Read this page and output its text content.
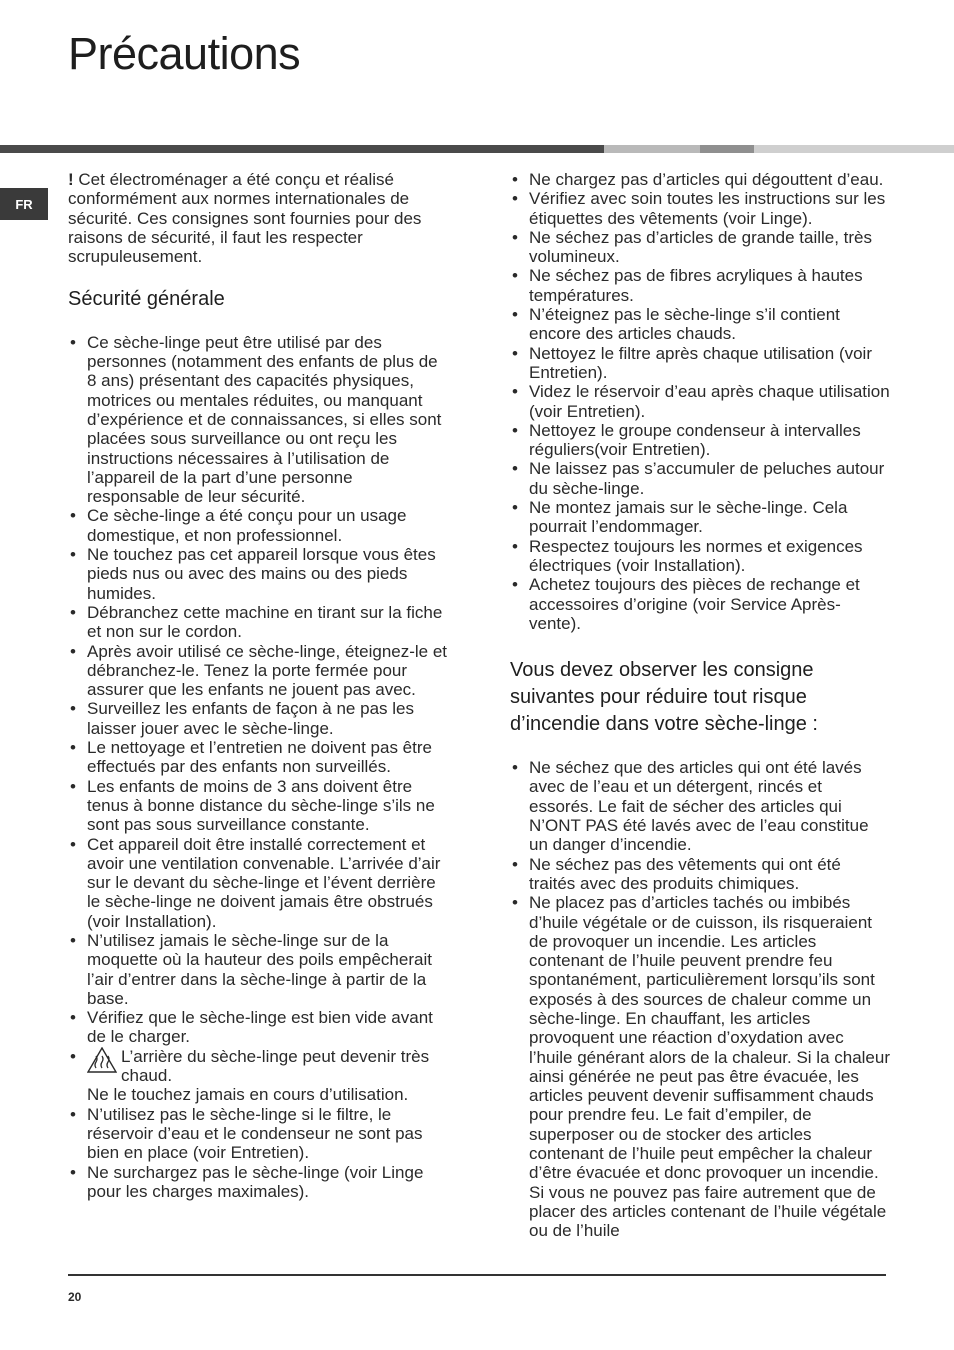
Précautions
FR

! Cet électroménager a été conçu et réalisé conformément aux normes internationales de sécurité. Ces consignes sont fournies pour des raisons de sécurité, il faut les respecter scrupuleusement.

Sécurité générale
• Ce sèche-linge peut être utilisé par des personnes (notamment des enfants de plus de 8 ans) présentant des capacités physiques, motrices ou mentales réduites, ou manquant d’expérience et de connaissances, si elles sont placées sous surveillance ou ont reçu les instructions nécessaires à l’utilisation de l’appareil de la part d’une personne responsable de leur sécurité.
• Ce sèche-linge a été conçu pour un usage domestique, et non professionnel.
• Ne touchez pas cet appareil lorsque vous êtes pieds nus ou avec des mains ou des pieds humides.
• Débranchez cette machine en tirant sur la fiche et non sur le cordon.
• Après avoir utilisé ce sèche-linge, éteignez-le et débranchez-le. Tenez la porte fermée pour assurer que les enfants ne jouent pas avec.
• Surveillez les enfants de façon à ne pas les laisser jouer avec le sèche-linge.
• Le nettoyage et l’entretien ne doivent pas être effectués par des enfants non surveillés.
• Les enfants de moins de 3 ans doivent être tenus à bonne distance du sèche-linge s’ils ne sont pas sous surveillance constante.
• Cet appareil doit être installé correctement et avoir une ventilation convenable. L’arrivée d’air sur le devant du sèche-linge et l’évent derrière le sèche-linge ne doivent jamais être obstrués (voir Installation).
• N’utilisez jamais le sèche-linge sur de la moquette où la hauteur des poils empêcherait l’air d’entrer dans la sèche-linge à partir de la base.
• Vérifiez que le sèche-linge est bien vide avant de le charger.
• L’arrière du sèche-linge peut devenir très chaud.
Ne le touchez jamais en cours d’utilisation.
• N’utilisez pas le sèche-linge si le filtre, le réservoir d’eau et le condenseur ne sont pas bien en place (voir Entretien).
• Ne surchargez pas le sèche-linge (voir Linge pour les charges maximales).
• Ne chargez pas d’articles qui dégouttent d’eau.
• Vérifiez avec soin toutes les instructions sur les étiquettes des vêtements (voir Linge).
• Ne séchez pas d’articles de grande taille, très volumineux.
• Ne séchez pas de fibres acryliques à hautes températures.
• N’éteignez pas le sèche-linge s’il contient encore des articles chauds.
• Nettoyez le filtre après chaque utilisation (voir Entretien).
• Videz le réservoir d’eau après chaque utilisation (voir Entretien).
• Nettoyez le groupe condenseur à intervalles réguliers(voir Entretien).
• Ne laissez pas s’accumuler de peluches autour du sèche-linge.
• Ne montez jamais sur le sèche-linge. Cela pourrait l’endommager.
• Respectez toujours les normes et exigences électriques (voir Installation).
• Achetez toujours des pièces de rechange et accessoires d’origine (voir Service Après-vente).
Vous devez observer les consigne suivantes pour réduire tout risque d’incendie dans votre sèche-linge :
• Ne séchez que des articles qui ont été lavés avec de l’eau et un détergent, rincés et essorés. Le fait de sécher des articles qui N’ONT PAS été lavés avec de l’eau constitue un danger d’incendie.
• Ne séchez pas des vêtements qui ont été traités avec des produits chimiques.
• Ne placez pas d’articles tachés ou imbibés d’huile végétale or de cuisson, ils risqueraient de provoquer un incendie. Les articles contenant de l’huile peuvent prendre feu spontanément, particulièrement lorsqu’ils sont exposés à des sources de chaleur comme un sèche-linge. En chauffant, les articles provoquent une réaction d’oxydation avec l’huile générant alors de la chaleur. Si la chaleur ainsi générée ne peut pas être évacuée, les articles peuvent devenir suffisamment chauds pour prendre feu. Le fait d’empiler, de superposer ou de stocker des articles contenant de l’huile peut empêcher la chaleur d’être évacuée et donc provoquer un incendie. Si vous ne pouvez pas faire autrement que de placer des articles contenant de l’huile végétale ou de l’huile
20
